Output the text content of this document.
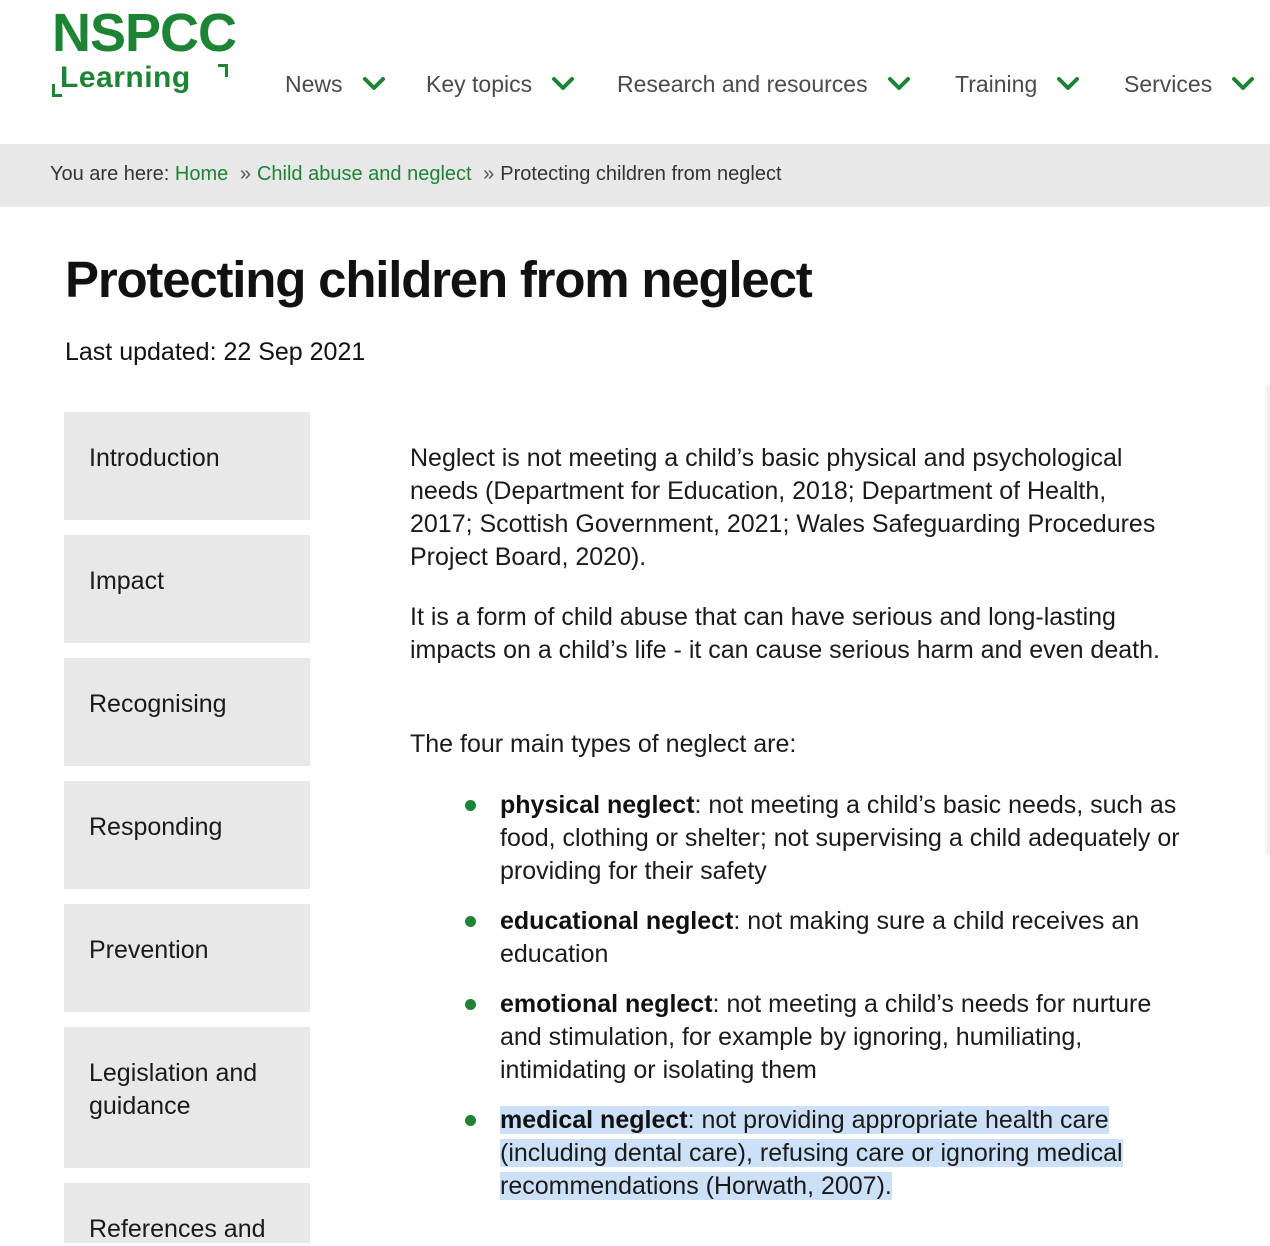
NSPCC
Learning	News	Key topics	Research and resources	Training	Services
You are here: Home » Child abuse and neglect » Protecting children from neglect
Protecting children from neglect
Last updated: 22 Sep 2021
Introduction
Impact
Recognising
Responding
Prevention
Legislation and guidance
References and

Neglect is not meeting a child’s basic physical and psychological needs (Department for Education, 2018; Department of Health, 2017; Scottish Government, 2021; Wales Safeguarding Procedures Project Board, 2020).

It is a form of child abuse that can have serious and long-lasting impacts on a child’s life - it can cause serious harm and even death.

The four main types of neglect are:

physical neglect: not meeting a child’s basic needs, such as food, clothing or shelter; not supervising a child adequately or providing for their safety
educational neglect: not making sure a child receives an education
emotional neglect: not meeting a child’s needs for nurture and stimulation, for example by ignoring, humiliating, intimidating or isolating them
medical neglect: not providing appropriate health care (including dental care), refusing care or ignoring medical recommendations (Horwath, 2007).
